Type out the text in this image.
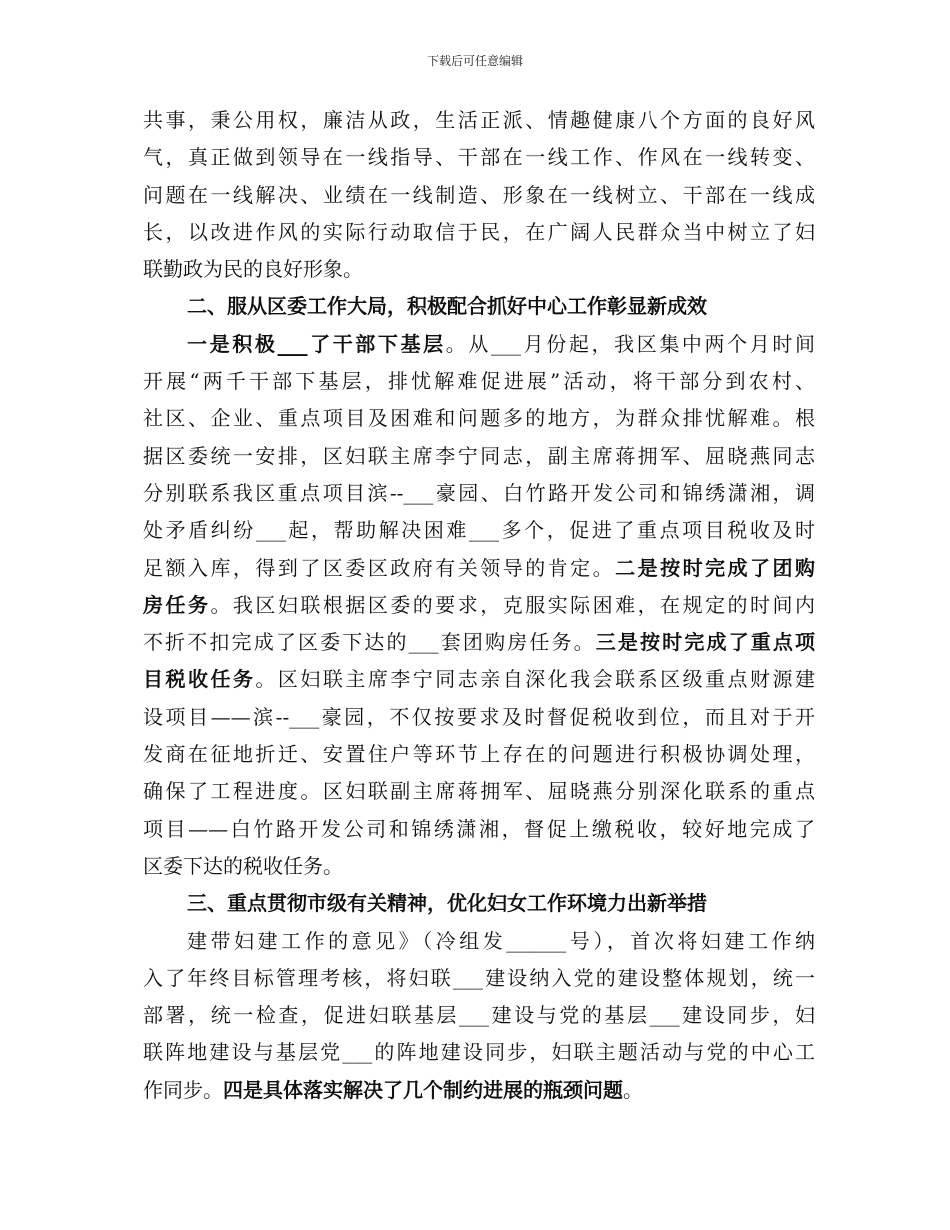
下载后可任意编辑
共事，秉公用权，廉洁从政，生活正派、情趣健康八个方面的良好风
气，真正做到领导在一线指导、干部在一线工作、作风在一线转变、
问题在一线解决、业绩在一线制造、形象在一线树立、干部在一线成
长，以改进作风的实际行动取信于民，在广阔人民群众当中树立了妇
联勤政为民的良好形象。
二、服从区委工作大局，积极配合抓好中心工作彰显新成效
一是积极___了干部下基层。从___月份起，我区集中两个月时间
开展“两千干部下基层，排忧解难促进展”活动，将干部分到农村、
社区、企业、重点项目及困难和问题多的地方，为群众排忧解难。根
据区委统一安排，区妇联主席李宁同志，副主席蒋拥军、屈晓燕同志
分别联系我区重点项目滨--___豪园、白竹路开发公司和锦绣潇湘，调
处矛盾纠纷___起，帮助解决困难___多个，促进了重点项目税收及时
足额入库，得到了区委区政府有关领导的肯定。二是按时完成了团购
房任务。我区妇联根据区委的要求，克服实际困难，在规定的时间内
不折不扣完成了区委下达的___套团购房任务。三是按时完成了重点项
目税收任务。区妇联主席李宁同志亲自深化我会联系区级重点财源建
设项目——滨--___豪园，不仅按要求及时督促税收到位，而且对于开
发商在征地折迁、安置住户等环节上存在的问题进行积极协调处理，
确保了工程进度。区妇联副主席蒋拥军、屈晓燕分别深化联系的重点
项目——白竹路开发公司和锦绣潇湘，督促上缴税收，较好地完成了
区委下达的税收任务。
三、重点贯彻市级有关精神，优化妇女工作环境力出新举措
建带妇建工作的意见》（冷组发______号），首次将妇建工作纳
入了年终目标管理考核，将妇联___建设纳入党的建设整体规划，统一
部署，统一检查，促进妇联基层___建设与党的基层___建设同步，妇
联阵地建设与基层党___的阵地建设同步，妇联主题活动与党的中心工
作同步。四是具体落实解决了几个制约进展的瓶颈问题。
